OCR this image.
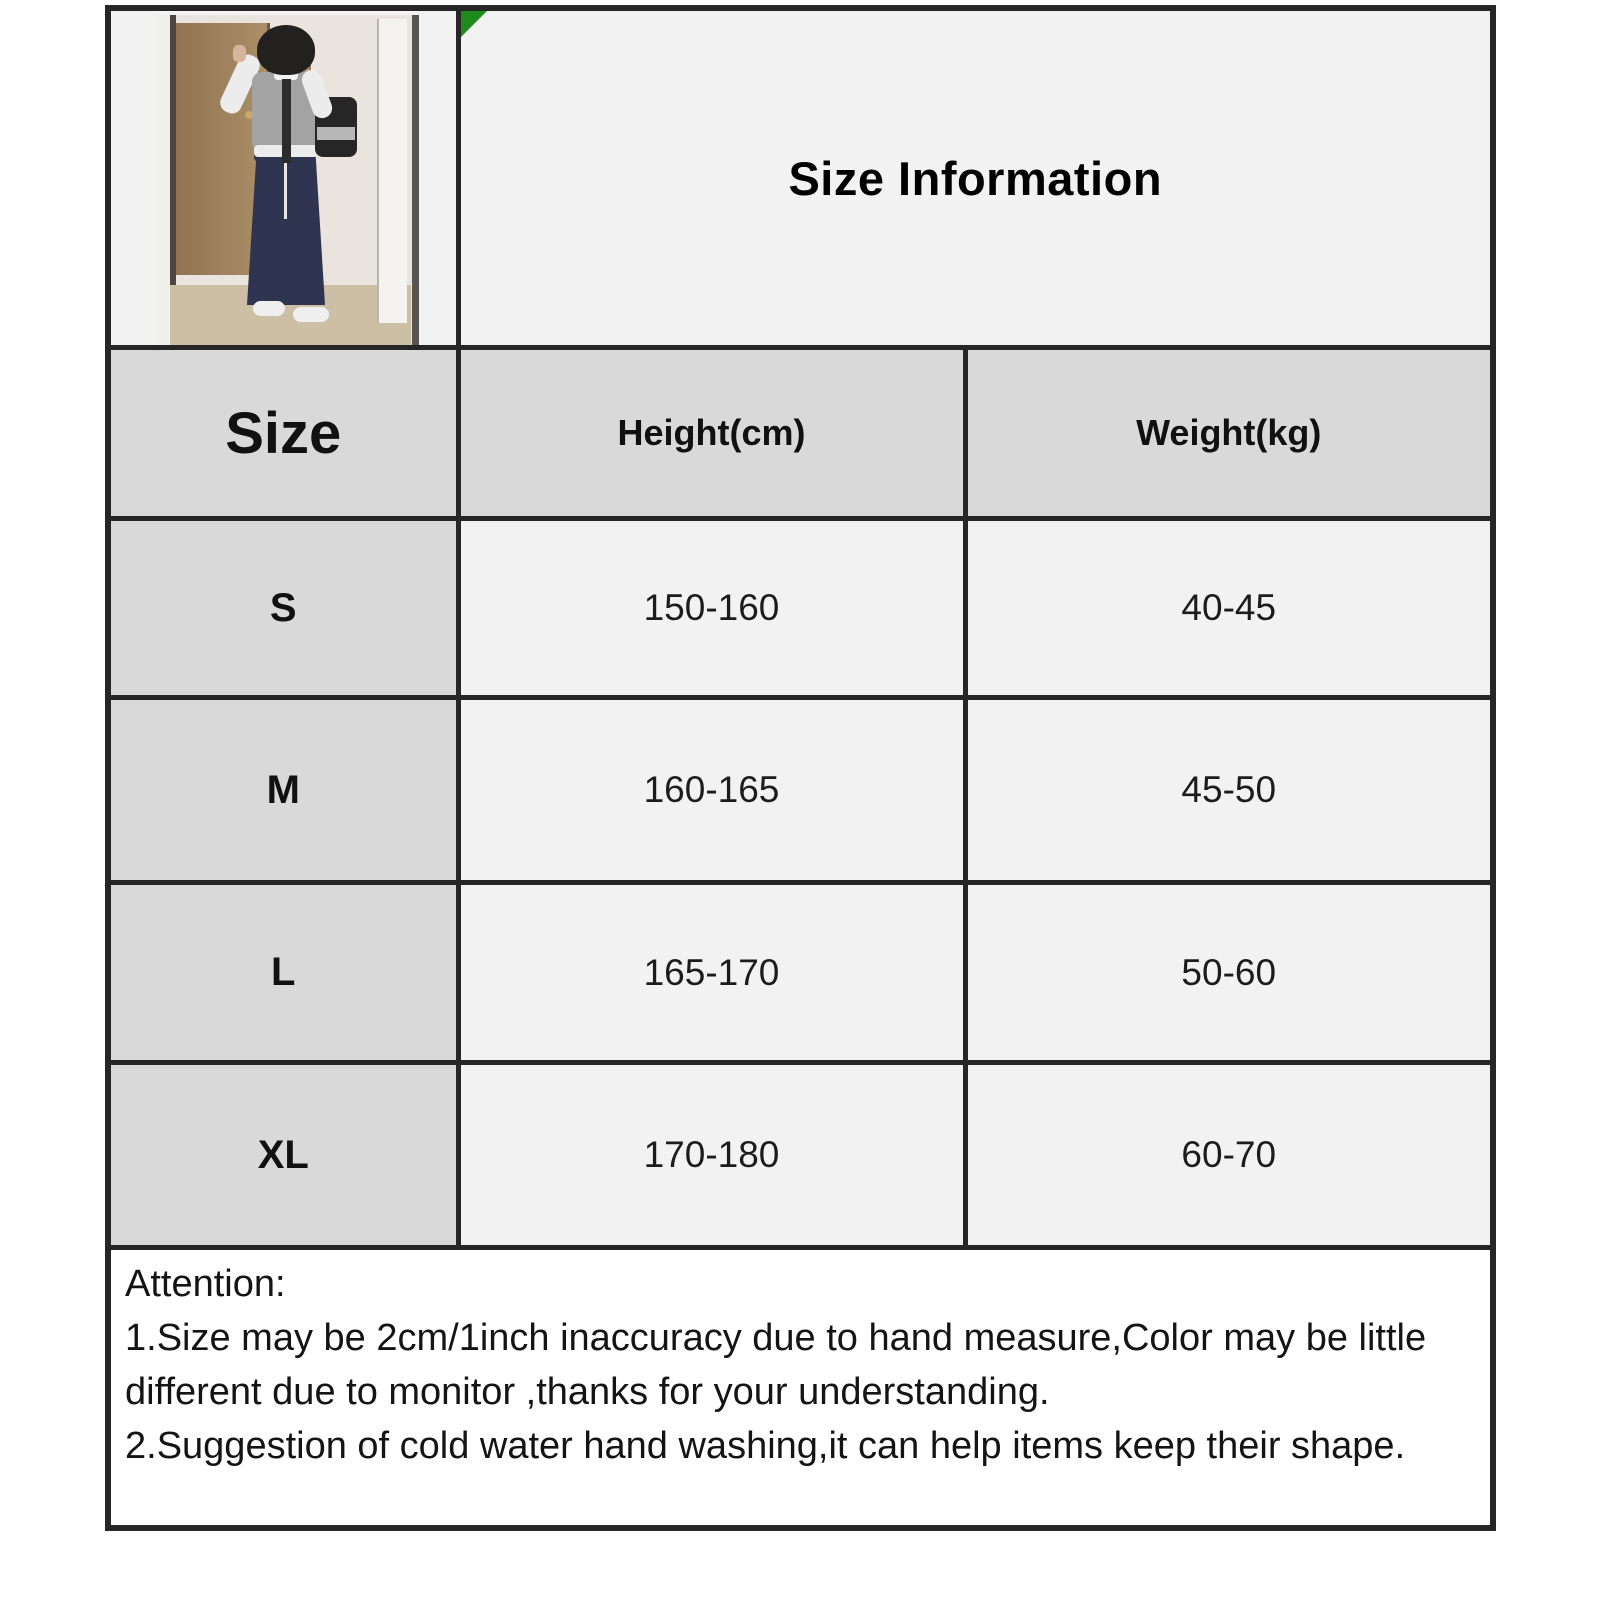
Size Information	
Size	Height(cm)	Weight(kg)
S	150-160	40-45
M	160-165	45-50
L	165-170	50-60
XL	170-180	60-70

Attention:
1.Size may be 2cm/1inch inaccuracy due to hand measure,Color may be little different due to monitor ,thanks for your understanding.
2.Suggestion of cold water hand washing,it can help items keep their shape.		
